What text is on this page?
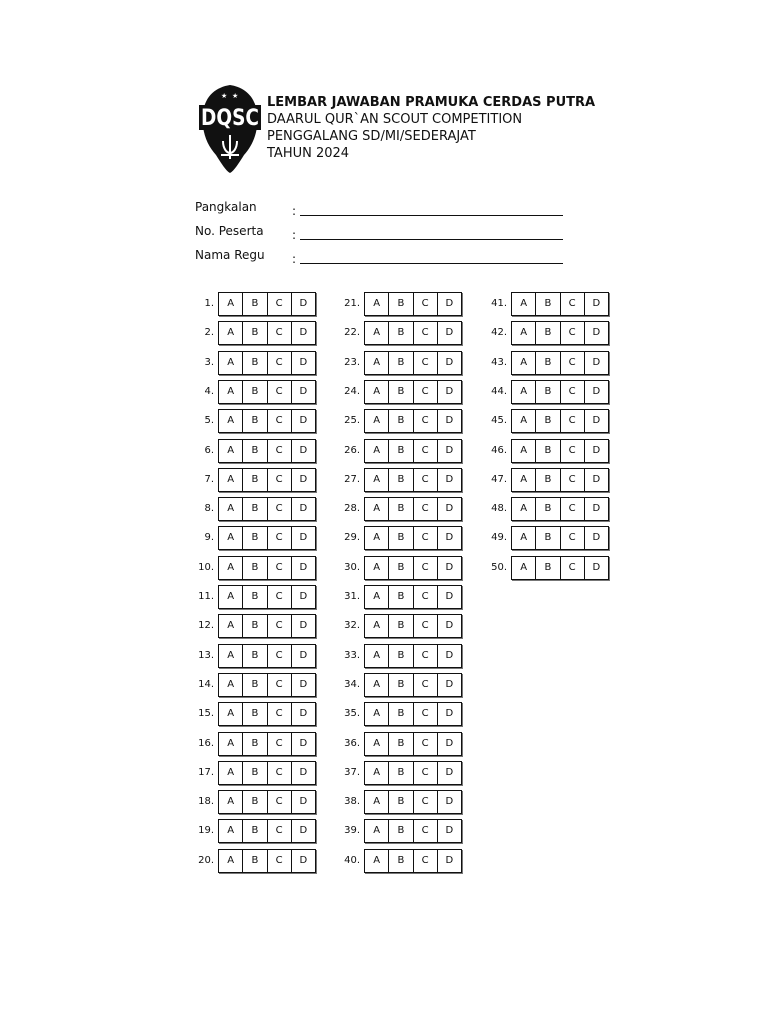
★ ★
DQSC
LEMBAR JAWABAN PRAMUKA CERDAS PUTRA
DAARUL QUR`AN SCOUT COMPETITION
PENGGALANG SD/MI/SEDERAJAT
TAHUN 2024
Pangkalan	:
No. Peserta :
Nama Regu :
1.	A	B	C	D
2.	A	B	C	D
3.	A	B	C	D
4.	A	B	C	D
5.	A	B	C	D
6.	A	B	C	D
7.	A	B	C	D
8.	A	B	C	D
9.	A	B	C	D
10.	A	B	C	D
11.	A	B	C	D
12.	A	B	C	D
13.	A	B	C	D
14.	A	B	C	D
15.	A	B	C	D
16.	A	B	C	D
17.	A	B	C	D
18.	A	B	C	D
19.	A	B	C	D
20.	A	B	C	D
21.	A	B	C	D
22.	A	B	C	D
23.	A	B	C	D
24.	A	B	C	D
25.	A	B	C	D
26.	A	B	C	D
27.	A	B	C	D
28.	A	B	C	D
29.	A	B	C	D
30.	A	B	C	D
31.	A	B	C	D
32.	A	B	C	D
33.	A	B	C	D
34.	A	B	C	D
35.	A	B	C	D
36.	A	B	C	D
37.	A	B	C	D
38.	A	B	C	D
39.	A	B	C	D
40.	A	B	C	D
41.	A	B	C	D
42.	A	B	C	D
43.	A	B	C	D
44.	A	B	C	D
45.	A	B	C	D
46.	A	B	C	D
47.	A	B	C	D
48.	A	B	C	D
49.	A	B	C	D
50.	A	B	C	D
